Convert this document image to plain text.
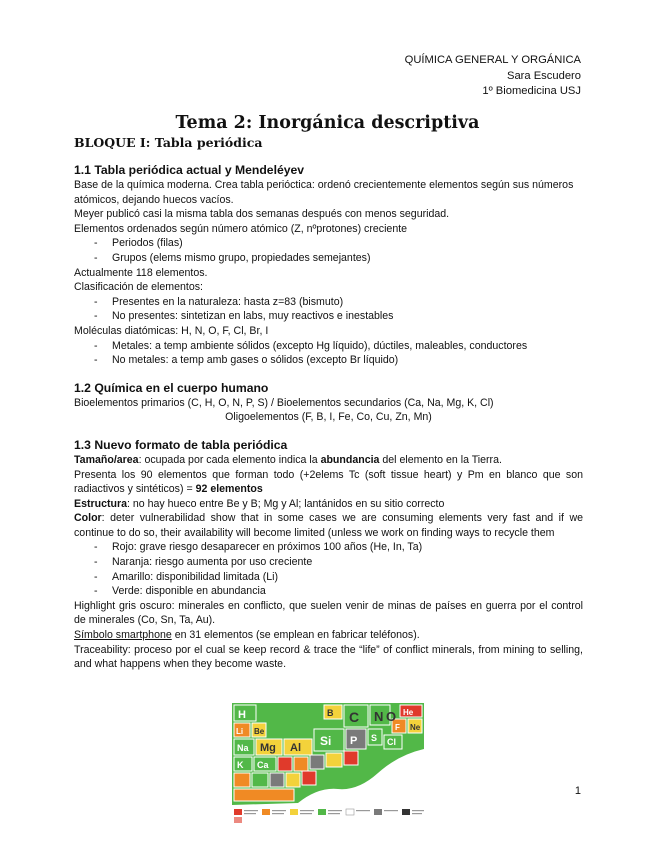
QUÍMICA GENERAL Y ORGÁNICA
Sara Escudero
1º Biomedicina USJ
Tema 2: Inorgánica descriptiva
BLOQUE I: Tabla periódica
1.1 Tabla periódica actual y Mendeléyev

Base de la química moderna. Crea tabla perióctica: ordenó crecientemente elementos según sus números atómicos, dejando huecos vacíos.

Meyer publicó casi la misma tabla dos semanas después con menos seguridad.

Elementos ordenados según número atómico (Z, nºprotones) creciente

- Periodos (filas)
- Grupos (elems mismo grupo, propiedades semejantes)

Actualmente 118 elementos.

Clasificación de elementos:

- Presentes en la naturaleza: hasta z=83 (bismuto)
- No presentes: sintetizan en labs, muy reactivos e inestables

Moléculas diatómicas: H, N, O, F, Cl, Br, I

- Metales: a temp ambiente sólidos (excepto Hg líquido), dúctiles, maleables, conductores
- No metales: a temp amb gases o sólidos (excepto Br líquido)
1.2 Química en el cuerpo humano

Bioelementos primarios (C, H, O, N, P, S) / Bioelementos secundarios (Ca, Na, Mg, K, Cl)

Oligoelementos (F, B, I, Fe, Co, Cu, Zn, Mn)

1.3 Nuevo formato de tabla periódica

Tamaño/area: ocupada por cada elemento indica la abundancia del elemento en la Tierra.

Presenta los 90 elementos que forman todo (+2elems Tc (soft tissue heart) y Pm en blanco que son radiactivos y sintéticos) = 92 elementos

Estructura: no hay hueco entre Be y B; Mg y Al; lantánidos en su sitio correcto

Color: deter vulnerabilidad show that in some cases we are consuming elements very fast and if we continue to do so, their availability will become limited (unless we work on finding ways to recycle them

- Rojo: grave riesgo desaparecer en próximos 100 años (He, In, Ta)
- Naranja: riesgo aumenta por uso creciente
- Amarillo: disponibilidad limitada (Li)
- Verde: disponible en abundancia

Highlight gris oscuro: minerales en conflicto, que suelen venir de minas de países en guerra por el control de minerales (Co, Sn, Ta, Au).

Símbolo smartphone en 31 elementos (se emplean en fabricar teléfonos).

Traceability: proceso por el cual se keep record & trace the “life” of conflict minerals, from mining to selling, and what happens when they become waste.

H	He
B C N O
F Ne
Li Be
Na Mg Al Si P S Cl
K Ca
1
